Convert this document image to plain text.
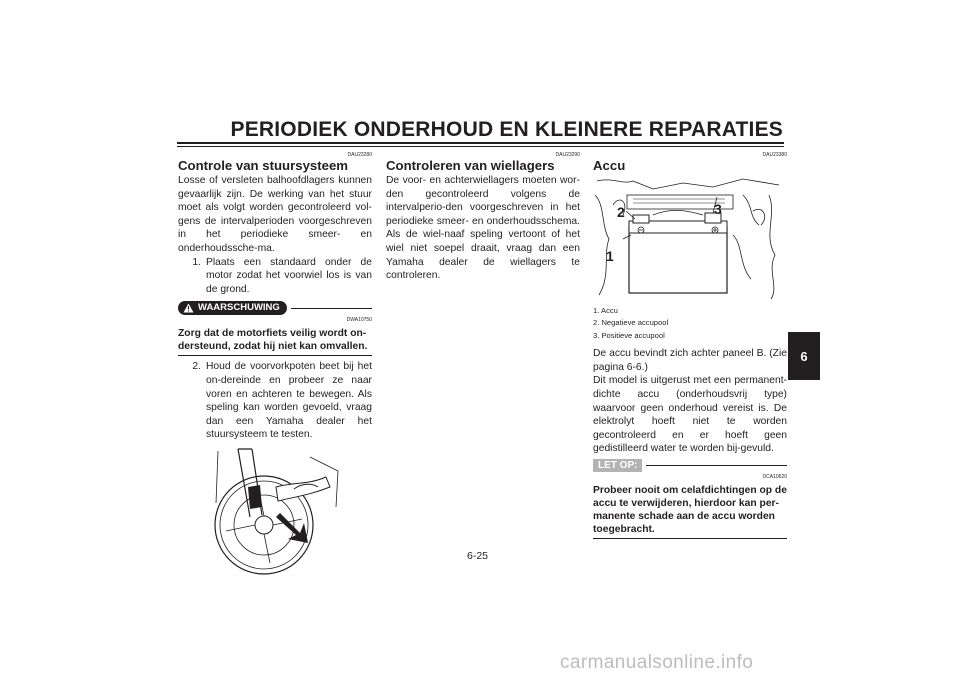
PERIODIEK ONDERHOUD EN KLEINERE REPARATIES
6
DAU23280
Controle van stuursysteem

Losse of versleten balhoofdlagers kunnen gevaarlijk zijn. De werking van het stuur moet als volgt worden gecontroleerd vol-gens de intervalperioden voorgeschreven in het periodieke smeer- en onderhoudssche-ma.

1. Plaats een standaard onder de motor zodat het voorwiel los is van de grond.
WAARSCHUWING
DWA10750
Zorg dat de motorfiets veilig wordt on-dersteund, zodat hij niet kan omvallen.
2. Houd de voorvorkpoten beet bij het on-dereinde en probeer ze naar voren en achteren te bewegen. Als speling kan worden gevoeld, vraag dan een Yamaha dealer het stuursysteem te testen.
DAU23290
Controleren van wiellagers

De voor- en achterwiellagers moeten wor-den gecontroleerd volgens de intervalperio-den voorgeschreven in het periodieke smeer- en onderhoudsschema. Als de wiel-naaf speling vertoont of het wiel niet soepel draait, vraag dan een Yamaha dealer de wiellagers te controleren.

DAU23380
Accu
1
2	3
1. Accu
2. Negatieve accupool
3. Positieve accupool

De accu bevindt zich achter paneel B. (Zie pagina 6-6.)
Dit model is uitgerust met een permanent-dichte accu (onderhoudsvrij type) waarvoor geen onderhoud vereist is. De elektrolyt hoeft niet te worden gecontroleerd en er hoeft geen gedistilleerd water te worden bij-gevuld.

LET OP:
DCA10620
Probeer nooit om celafdichtingen op de accu te verwijderen, hierdoor kan per-manente schade aan de accu worden toegebracht.
6-25
carmanualsonline.info
